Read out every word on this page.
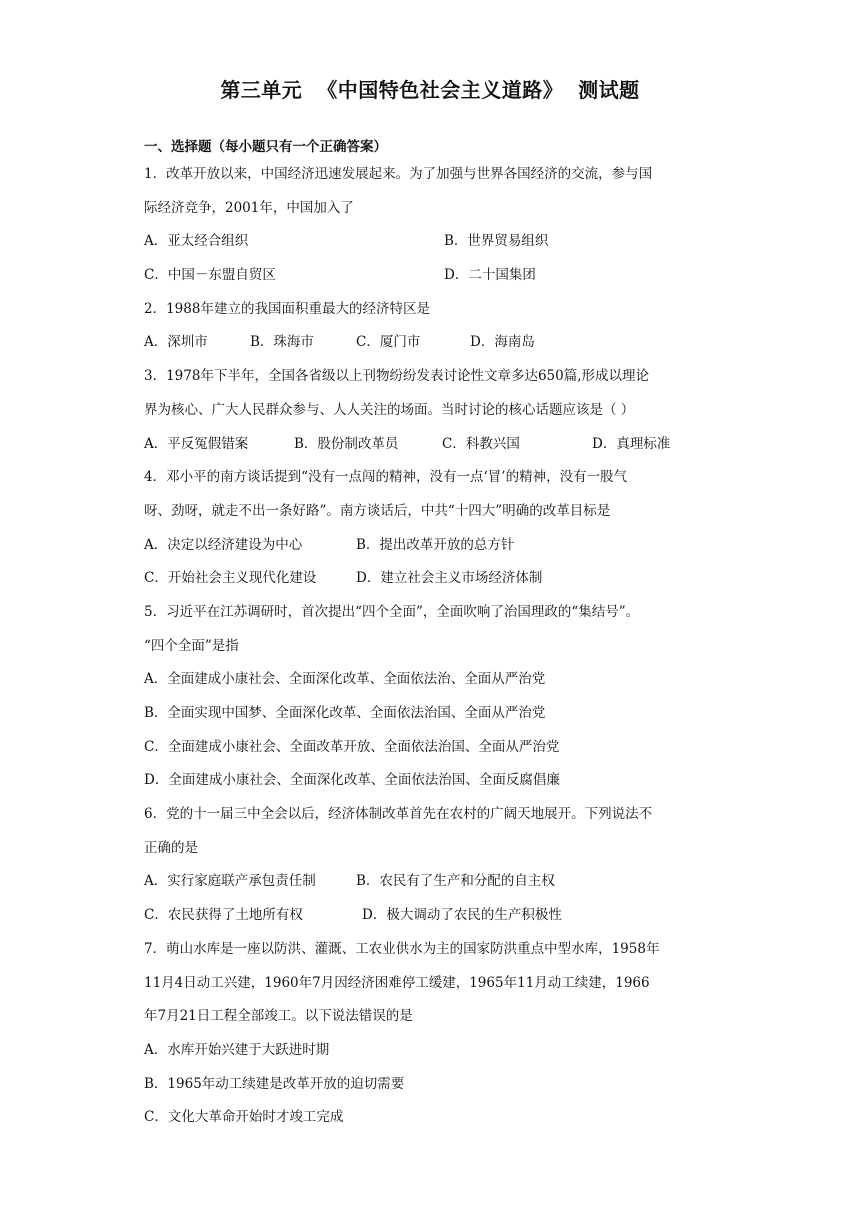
第三单元  《中国特色社会主义道路》  测试题
一、选择题（每小题只有一个正确答案）
1．改革开放以来，中国经济迅速发展起来。为了加强与世界各国经济的交流，参与国
际经济竞争，2001年，中国加入了
A．亚太经合组织	B．世界贸易组织
C．中国－东盟自贸区	D．二十国集团
2．1988年建立的我国面积重最大的经济特区是
A．深圳市	B．珠海市	C．厦门市	D．海南岛
3．1978年下半年，全国各省级以上刊物纷纷发表讨论性文章多达650篇,形成以理论
界为核心、广大人民群众参与、人人关注的场面。当时讨论的核心话题应该是（ ）
A．平反冤假错案	B．股份制改革员	C．科教兴国	D．真理标准
4．邓小平的南方谈话提到“没有一点闯的精神，没有一点‘冒’的精神，没有一股气
呀、劲呀，就走不出一条好路”。南方谈话后，中共“十四大”明确的改革目标是
A．决定以经济建设为中心	B．提出改革开放的总方针
C．开始社会主义现代化建设	D．建立社会主义市场经济体制
5．习近平在江苏调研时，首次提出“四个全面”，全面吹响了治国理政的“集结号”。
“四个全面”是指
A．全面建成小康社会、全面深化改革、全面依法治、全面从严治党
B．全面实现中国梦、全面深化改革、全面依法治国、全面从严治党
C．全面建成小康社会、全面改革开放、全面依法治国、全面从严治党
D．全面建成小康社会、全面深化改革、全面依法治国、全面反腐倡廉
6．党的十一届三中全会以后，经济体制改革首先在农村的广阔天地展开。下列说法不
正确的是
A．实行家庭联产承包责任制	B．农民有了生产和分配的自主权
C．农民获得了土地所有权	D．极大调动了农民的生产积极性
7．萌山水库是一座以防洪、灌溉、工农业供水为主的国家防洪重点中型水库，1958年
11月4日动工兴建，1960年7月因经济困难停工缓建，1965年11月动工续建，1966
年7月21日工程全部竣工。以下说法错误的是
A．水库开始兴建于大跃进时期
B．1965年动工续建是改革开放的迫切需要
C．文化大革命开始时才竣工完成
